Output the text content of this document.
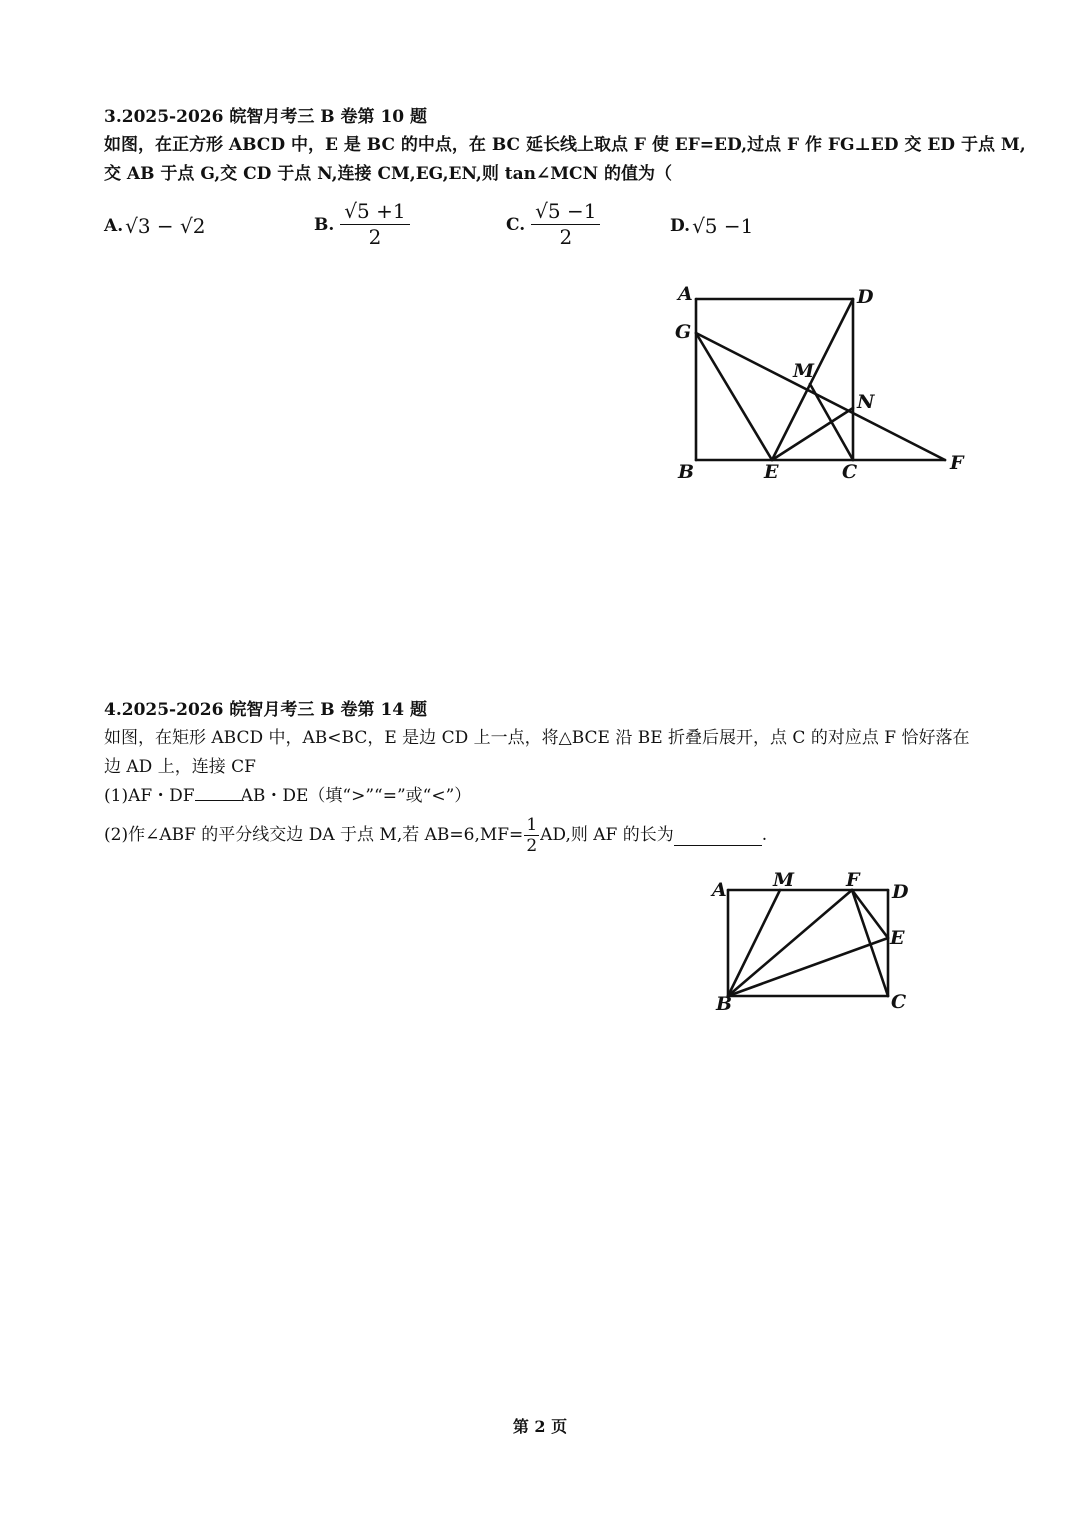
3.2025-2026 皖智月考三 B 卷第 10 题
如图，在正方形 ABCD 中，E 是 BC 的中点，在 BC 延长线上取点 F 使 EF=ED,过点 F 作 FG⊥ED 交 ED 于点 M,
交 AB 于点 G,交 CD 于点 N,连接 CM,EG,EN,则 tan∠MCN 的值为（
A. √3 − √2	B. $\frac{√5 +1}{2}$	C. $\frac{√5 -1}{2}$	D. √5 −1
A	D
G
M
N
B	E	C	F
4.2025-2026 皖智月考三 B 卷第 14 题
如图，在矩形 ABCD 中，AB<BC，E 是边 CD 上一点，将△BCE 沿 BE 折叠后展开，点 C 的对应点 F 恰好落在
边 AD 上，连接 CF
(1)AF・DF	AB・DE（填“>”“=”或“<”）
(2)作∠ABF 的平分线交边 DA 于点 M,若 $AB=6,MF= \frac{1}{2}$ AD,则 AF 的长为	.
A M	F
D
E
B	C
第 2 页
